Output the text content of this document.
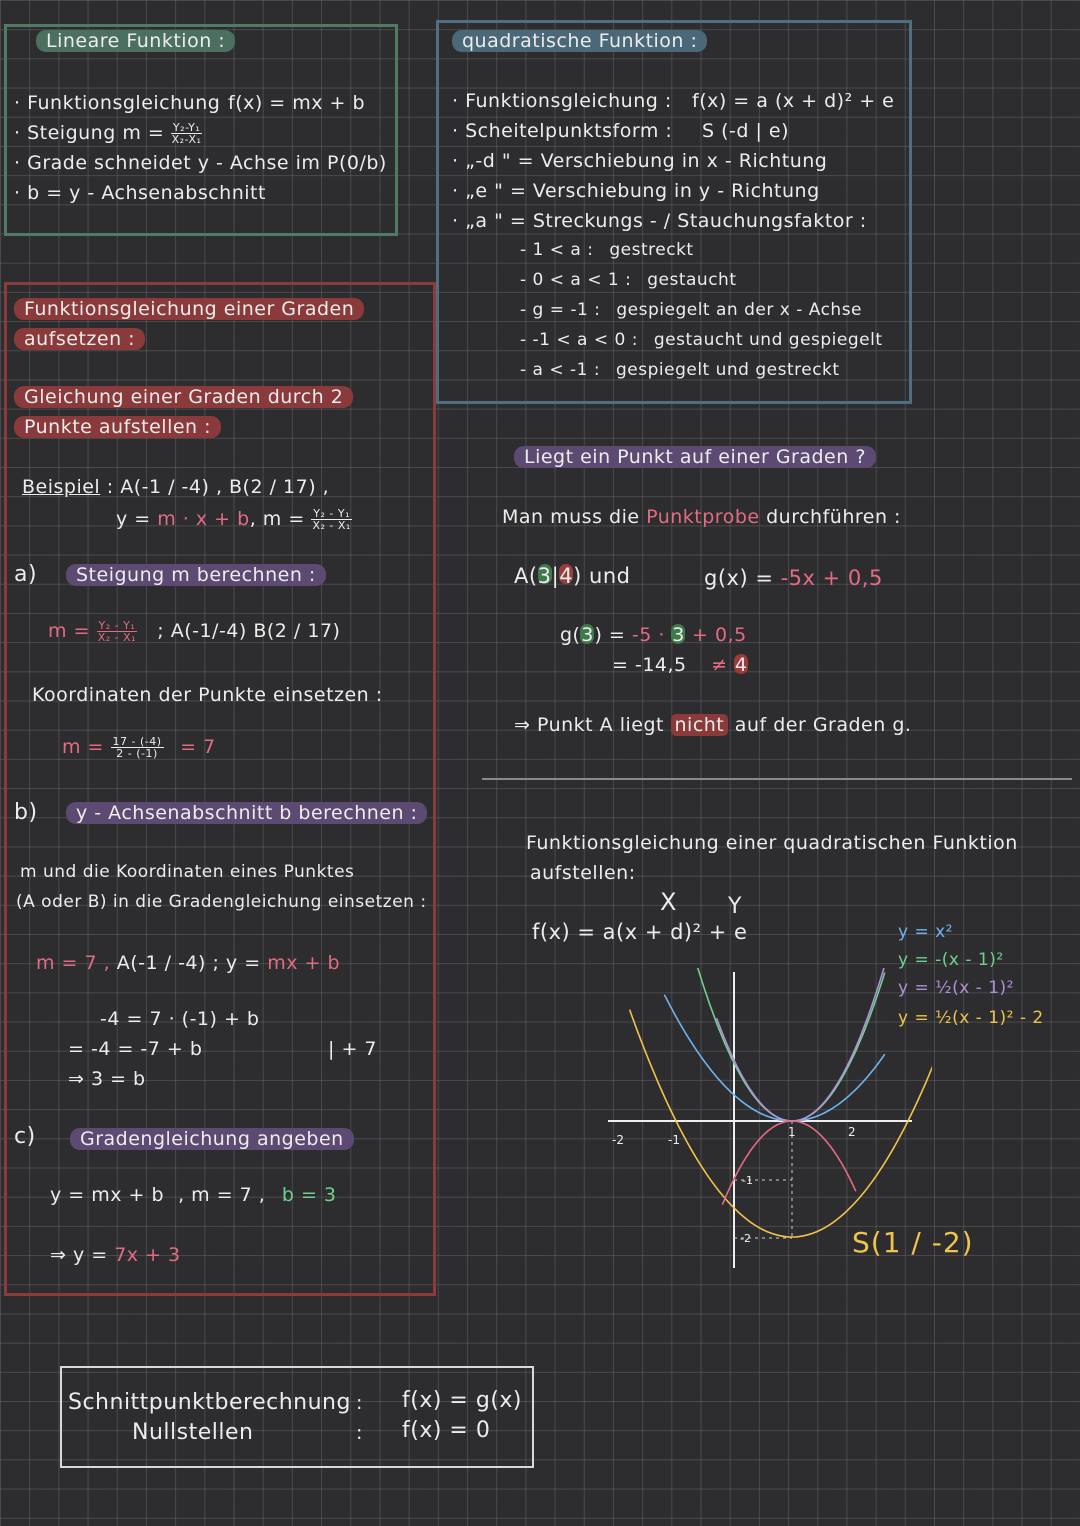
Lineare Funktion :
· Funktionsgleichung f(x) = mx + b
· Steigung $m = \frac{\text{Y₂-Y₁}}{\text{X₂-X₁}}$
· Grade schneidet y - Achse im P(0/b)
· b = y - Achsenabschnitt
quadratische Funktion :
· Funktionsgleichung : f(x) = a (x + d)² + e
· Scheitelpunktsform : S (-d | e)
· „-d " = Verschiebung in x - Richtung
· „e " = Verschiebung in y - Richtung
· „a " = Streckungs - / Stauchungsfaktor :
- 1 < a : gestreckt
- 0 < a < 1 : gestaucht
- g = -1 : gespiegelt an der x - Achse
- -1 < a < 0 : gestaucht und gespiegelt
- a < -1 : gespiegelt und gestreckt
Funktionsgleichung einer Graden
aufsetzen :
Gleichung einer Graden durch 2
Punkte aufstellen :
Beispiel : A(-1 / -4) , B(2 / 17) ,
y = m · x + b, $m = \frac{\text{Y₂ - Y₁}}{\text{X₂ - X₁}}$
a)	Steigung m berechnen :
$m = \frac{\text{Y₂ - Y₁}}{\text{X₂ - X₁}}$ ; A(-1/-4) B(2 / 17)
Koordinaten der Punkte einsetzen :
$m = \frac{17 - (-4)}{2 - (-1)} = 7$
b)	y - Achsenabschnitt b berechnen :
m und die Koordinaten eines Punktes
(A oder B) in die Gradengleichung einsetzen :
m = 7 , A(-1 / -4) ; y = mx + b
-4 = 7 · (-1) + b
= -4 = -7 + b	| + 7
⇒ 3 = b
c)	Gradengleichung angeben
y = mx + b , m = 7 , b = 3
⇒ y = 7x + 3
Liegt ein Punkt auf einer Graden ?
Man muss die Punktprobe durchführen :
A(3|4) und	g(x) = -5x + 0,5
g(3) = -5 · 3 + 0,5
= -14,5 ≠ 4
⇒ Punkt A liegt nicht auf der Graden g.
Funktionsgleichung einer quadratischen Funktion
aufstellen:
X Y
f(x) = a(x + d)² + e	y = x²
y = -(x - 1)²
y = ½(x - 1)²
y = ½(x - 1)² - 2
-2	-1
1	2
-1
-2	S(1 / -2)
Schnittpunktberechnung : f(x) = g(x)
Nullstellen	: f(x) = 0
